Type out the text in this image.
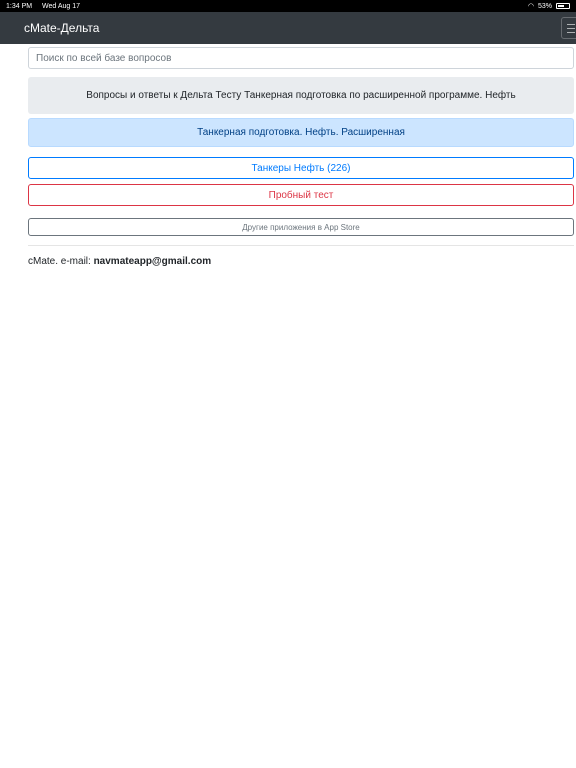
1:34 PM Wed Aug 17	◠ 53%
cMate-Дельта
Поиск по всей базе вопросов
Вопросы и ответы к Дельта Тесту Танкерная подготовка по расширенной программе. Нефть
Танкерная подготовка. Нефть. Расширенная
Танкеры Нефть (226)
Пробный тест
Другие приложения в App Store
cMate. e-mail: navmateapp@gmail.com
